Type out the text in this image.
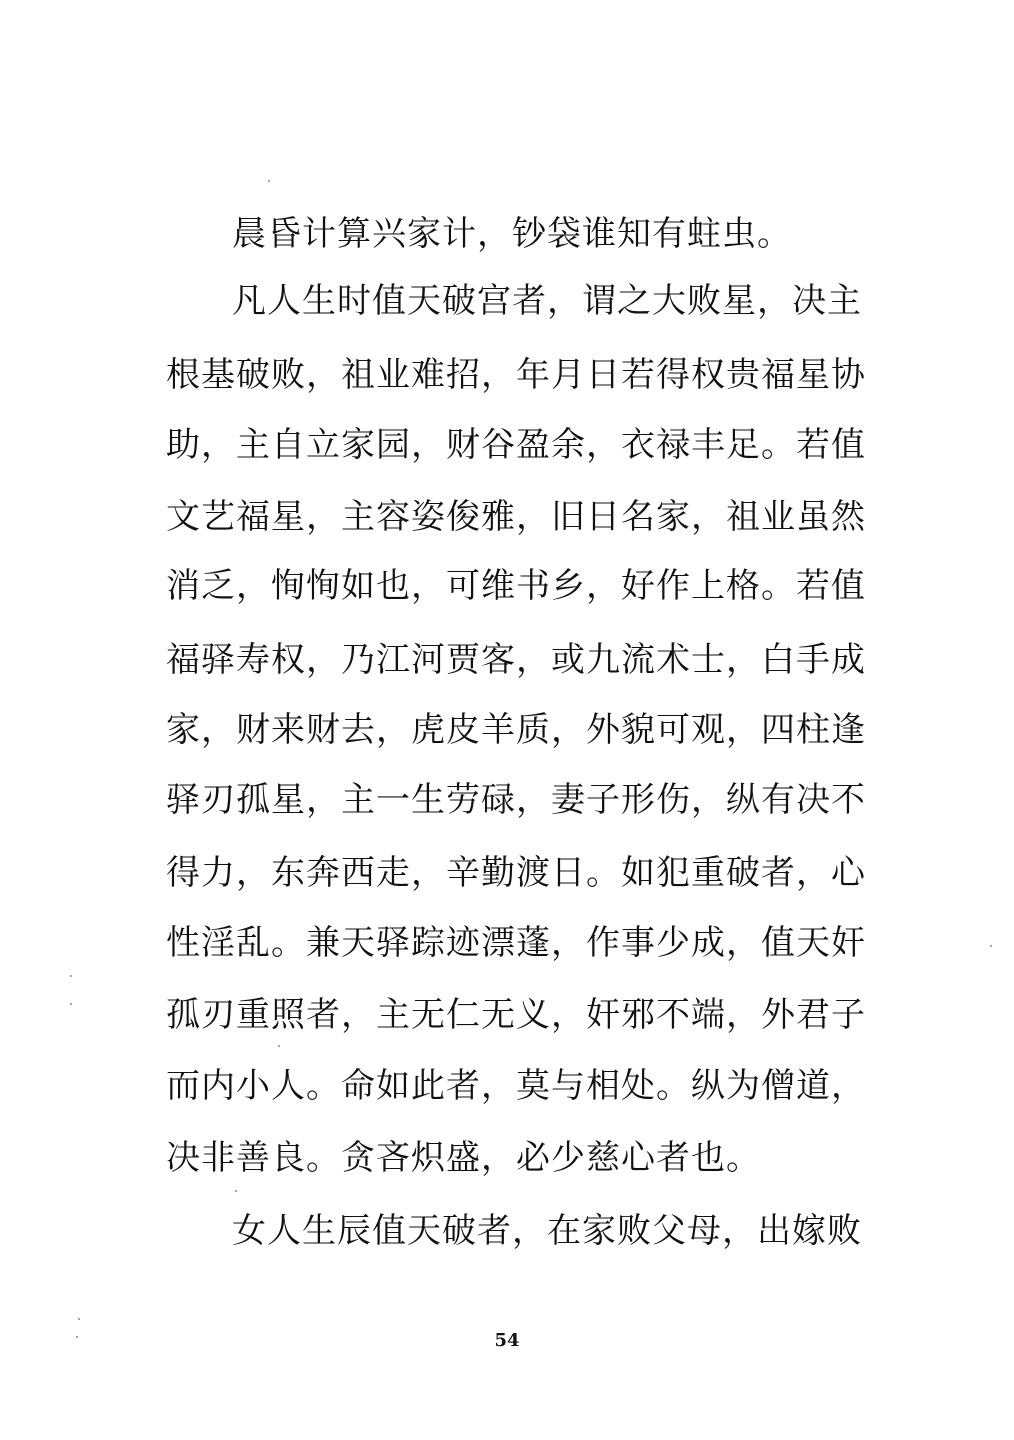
晨昏计算兴家计，钞袋谁知有蛀虫。

凡人生时值天破宫者，谓之大败星，决主

根基破败，祖业难招，年月日若得权贵福星协

助，主自立家园，财谷盈余，衣禄丰足。若值

文艺福星，主容姿俊雅，旧日名家，祖业虽然

消乏，恂恂如也，可维书乡，好作上格。若值

福驿寿权，乃江河贾客，或九流术士，白手成

家，财来财去，虎皮羊质，外貌可观，四柱逢

驿刃孤星，主一生劳碌，妻子形伤，纵有决不

得力，东奔西走，辛勤渡日。如犯重破者，心

性淫乱。兼天驿踪迹漂蓬，作事少成，值天奸

孤刃重照者，主无仁无义，奸邪不端，外君子

而内小人。命如此者，莫与相处。纵为僧道，

决非善良。贪吝炽盛，必少慈心者也。

女人生辰值天破者，在家败父母，出嫁败

54
